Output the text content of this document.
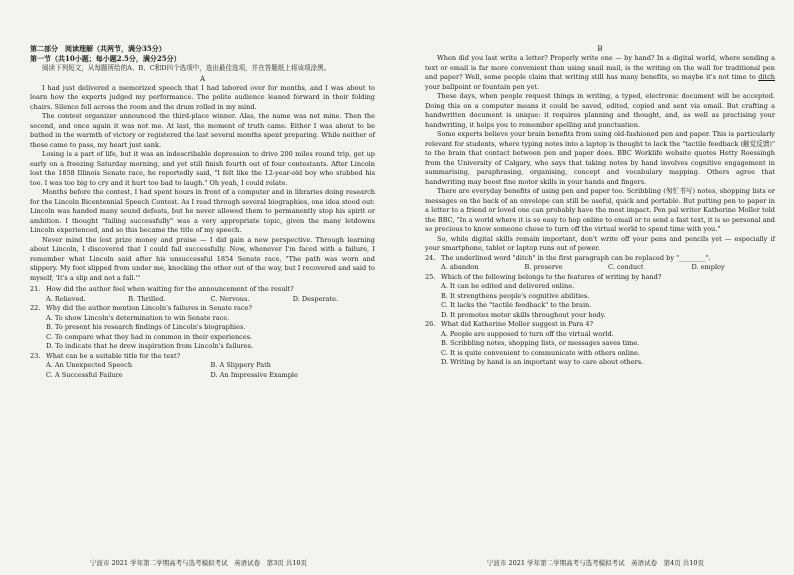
第二部分　阅读理解（共两节，满分35分）

第一节（共10小题；每小题2.5分，满分25分）

阅读下列短文，从每题所给的A、B、C和D四个选项中，选出最佳选项，并在答题纸上将该项涂黑。

A

I had just delivered a memorized speech that I had labored over for months, and I was about to learn how the experts judged my performance. The polite audience leaned forward in their folding chairs. Silence fell across the room and the drum rolled in my mind.

The contest organizer announced the third-place winner. Alas, the name was not mine. Then the second, and once again it was not me. At last, the moment of truth came. Either I was about to be bathed in the warmth of victory or registered the last several months spent preparing. While neither of these came to pass, my heart just sank.

Losing is a part of life, but it was an indescribable depression to drive 200 miles round trip, get up early on a freezing Saturday morning, and yet still finish fourth out of four contestants. After Lincoln lost the 1858 Illinois Senate race, he reportedly said, "I felt like the 12-year-old boy who stubbed his toe. I was too big to cry and it hurt too bad to laugh." Oh yeah, I could relate.

Months before the contest, I had spent hours in front of a computer and in libraries doing research for the Lincoln Bicentennial Speech Contest. As I read through several biographies, one idea stood out: Lincoln was handed many sound defeats, but he never allowed them to permanently stop his spirit or ambition. I thought "failing successfully" was a very appropriate topic, given the many letdowns Lincoln experienced, and so this became the title of my speech.

Never mind the lost prize money and praise — I did gain a new perspective. Through learning about Lincoln, I discovered that I could fail successfully. Now, whenever I'm faced with a failure, I remember what Lincoln said after his unsuccessful 1854 Senate race, "The path was worn and slippery. My foot slipped from under me, knocking the other out of the way, but I recovered and said to myself, 'It's a slip and not a fall.'"

21. How did the author feel when waiting for the announcement of the result?

A. Relieved.	B. Thrilled.	C. Nervous.	D. Desperate.

22. Why did the author mention Lincoln's failures in Senate race?

A. To show Lincoln's determination to win Senate race.

B. To present his research findings of Lincoln's biographies.

C. To compare what they had in common in their experiences.

D. To indicate that he drew inspiration from Lincoln's failures.

23. What can be a suitable title for the text?

A. An Unexpected Speech	B. A Slippery Path
C. A Successful Failure	D. An Impressive Example
宁波市 2021 学年第二学期高考与选考模拟考试　英语试卷　第3页 共10页

B

When did you last write a letter? Properly write one — by hand? In a digital world, where sending a text or email is far more convenient than using snail mail, is the writing on the wall for traditional pen and paper? Well, some people claim that writing still has many benefits, so maybe it's not time to ditch your ballpoint or fountain pen yet.

These days, when people request things in writing, a typed, electronic document will be accepted. Doing this on a computer means it could be saved, edited, copied and sent via email. But crafting a handwritten document is unique: it requires planning and thought, and, as well as practising your handwriting, it helps you to remember spelling and punctuation.

Some experts believe your brain benefits from using old-fashioned pen and paper. This is particularly relevant for students, where typing notes into a laptop is thought to lack the "tactile feedback (触觉反馈)" to the brain that contact between pen and paper does. BBC Worklife website quotes Hetty Roessingh from the University of Calgary, who says that taking notes by hand involves cognitive engagement in summarising, paraphrasing, organising, concept and vocabulary mapping. Others agree that handwriting may boost fine motor skills in your hands and fingers.

There are everyday benefits of using pen and paper too. Scribbling (匆忙书写) notes, shopping lists or messages on the back of an envelope can still be useful, quick and portable. But putting pen to paper in a letter to a friend or loved one can probably have the most impact. Pen pal writer Katherine Moller told the BBC, "In a world where it is so easy to hop online to email or to send a fast text, it is so personal and so precious to know someone chose to turn off the virtual world to spend time with you."

So, while digital skills remain important, don't write off your pens and pencils yet — especially if your smartphone, tablet or laptop runs out of power.

24. The underlined word "ditch" in the first paragraph can be replaced by "________".

A. abandon	B. preserve	C. conduct	D. employ

25. Which of the following belongs to the features of writing by hand?

A. It can be edited and delivered online.

B. It strengthens people's cognitive abilities.

C. It lacks the "tactile feedback" to the brain.

D. It promotes motor skills throughout your body.

26. What did Katherine Moller suggest in Para 4?

A. People are supposed to turn off the virtual world.

B. Scribbling notes, shopping lists, or messages saves time.

C. It is quite convenient to communicate with others online.

D. Writing by hand is an important way to care about others.

宁波市 2021 学年第二学期高考与选考模拟考试　英语试卷　第4页 共10页
